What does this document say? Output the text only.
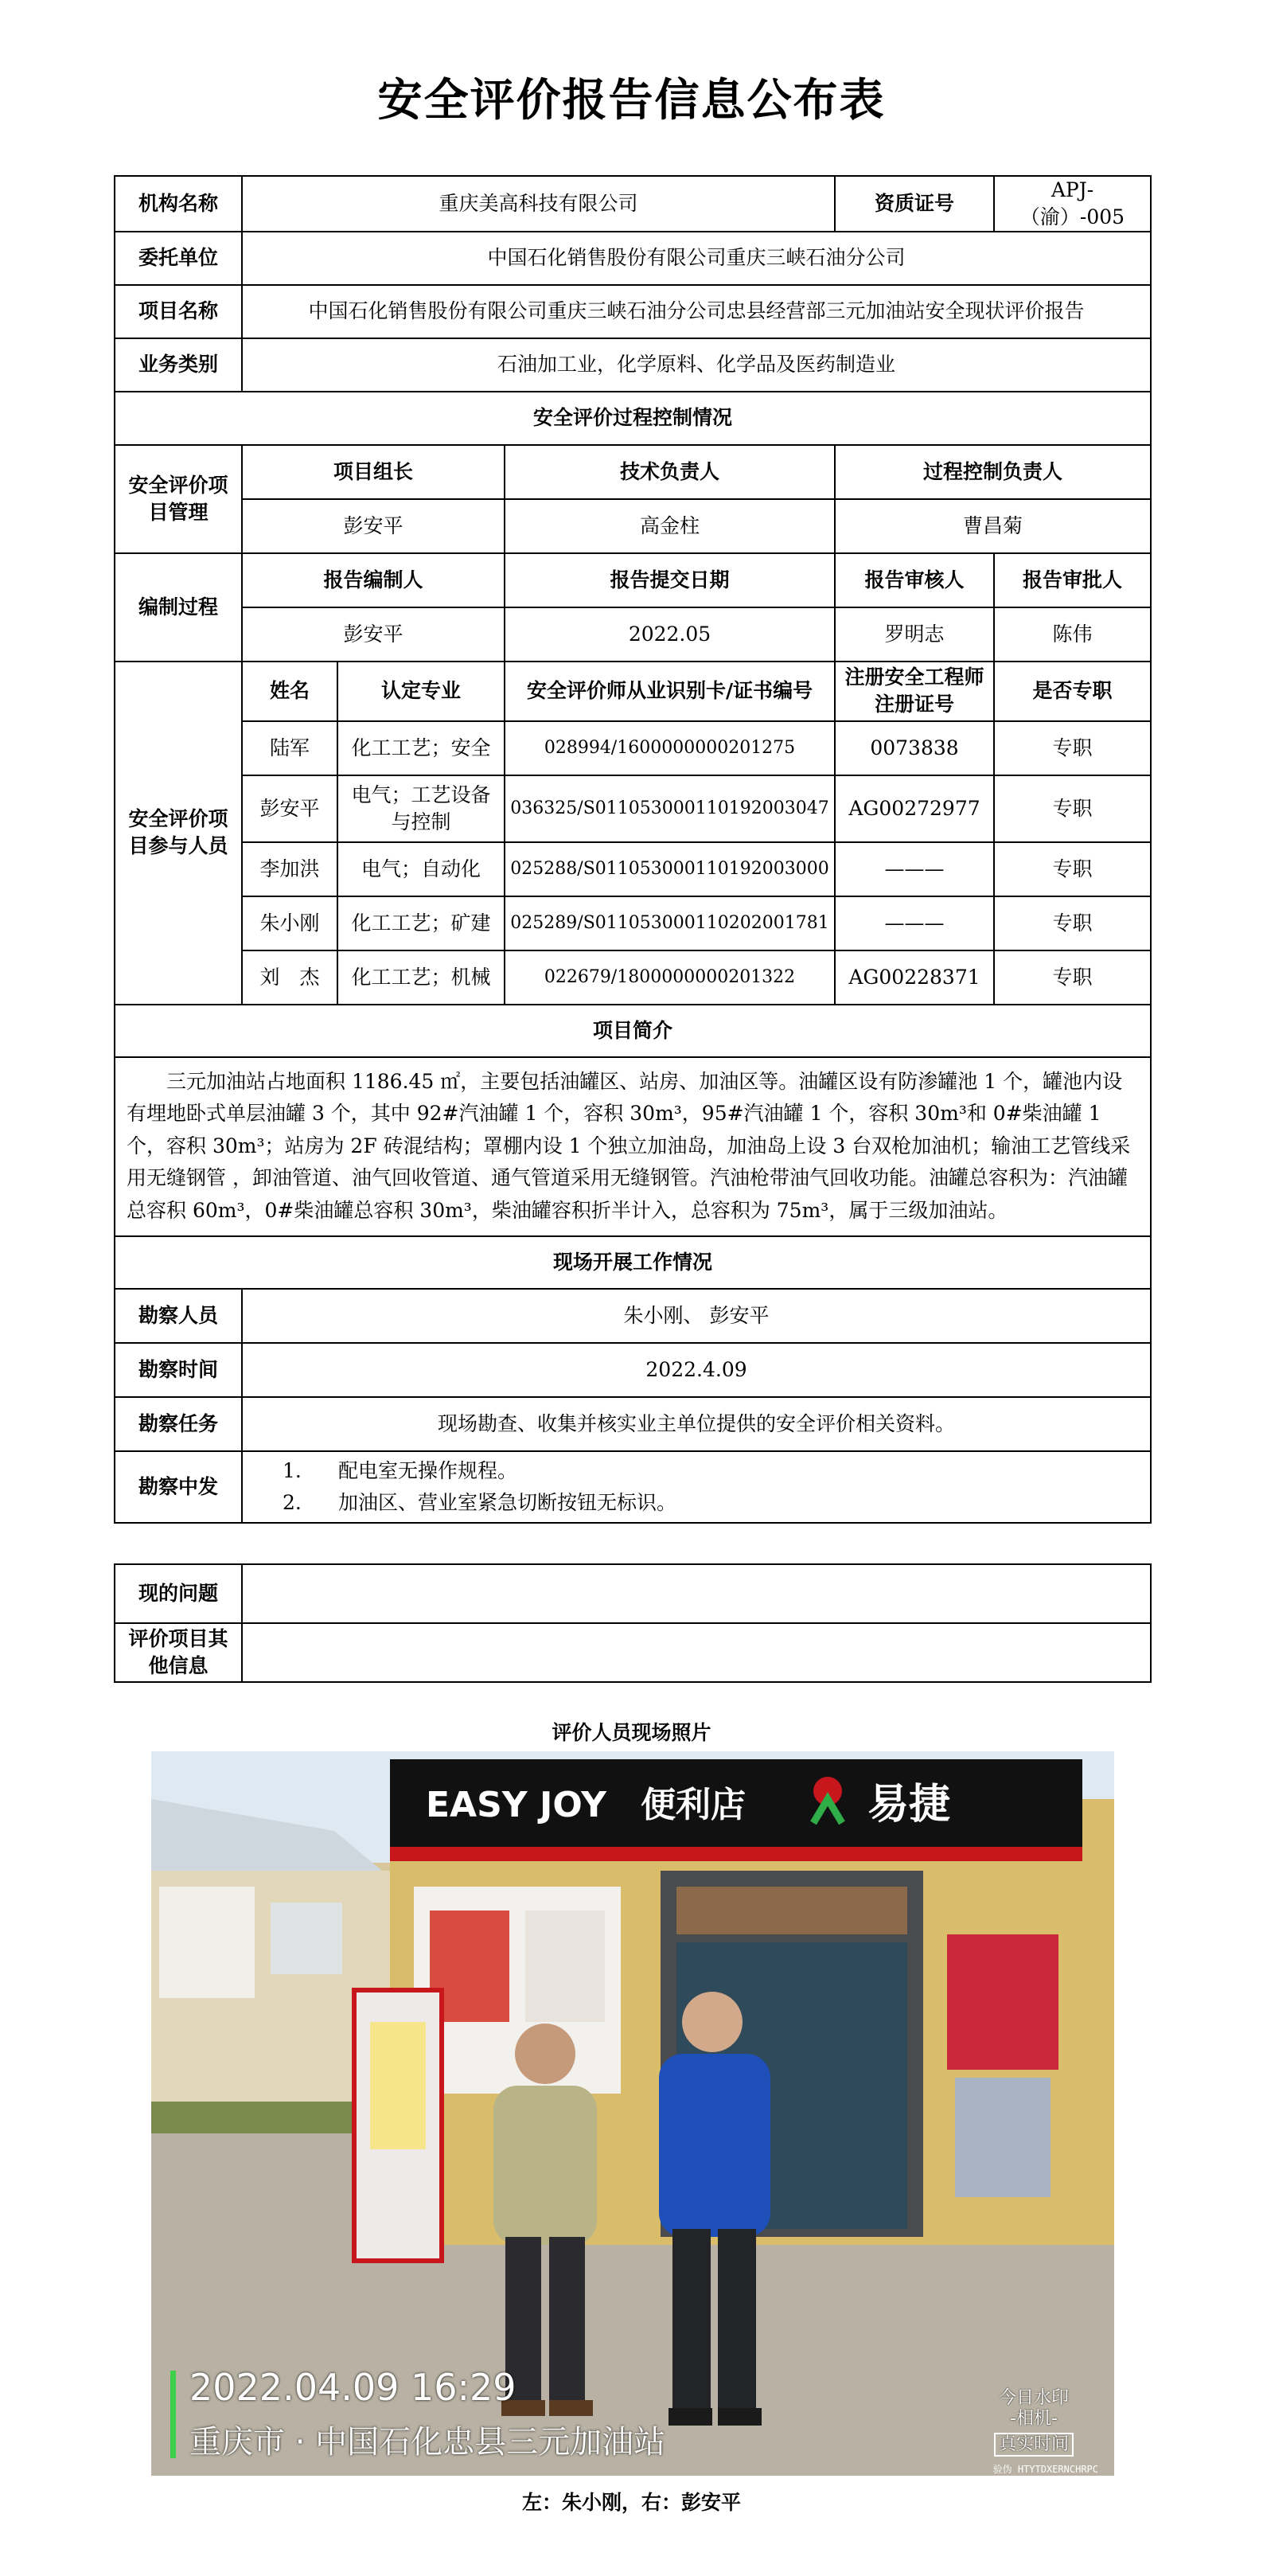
安全评价报告信息公布表
机构名称	重庆美高科技有限公司			资质证号	APJ-（渝）-005
委托单位	中国石化销售股份有限公司重庆三峡石油分公司				
项目名称	中国石化销售股份有限公司重庆三峡石油分公司忠县经营部三元加油站安全现状评价报告				
业务类别	石油加工业，化学原料、化学品及医药制造业				
安全评价过程控制情况					
安全评价项目管理	项目组长		技术负责人	过程控制负责人	
	彭安平		高金柱	曹昌菊	
编制过程	报告编制人		报告提交日期	报告审核人	报告审批人
	彭安平		2022.05	罗明志	陈伟
安全评价项目参与人员	姓名	认定专业	安全评价师从业识别卡/证书编号	注册安全工程师注册证号	是否专职
	陆军	化工工艺；安全	028994/1600000000201275	0073838	专职
	彭安平	电气；工艺设备与控制	036325/S011053000110192003047	AG00272977	专职
	李加洪	电气；自动化	025288/S011053000110192003000	———	专职
	朱小刚	化工工艺；矿建	025289/S011053000110202001781	———	专职
	刘　杰	化工工艺；机械	022679/1800000000201322	AG00228371	专职
项目简介					

三元加油站占地面积 1186.45 ㎡，主要包括油罐区、站房、加油区等。油罐区设有防渗罐池 1 个，罐池内设有埋地卧式单层油罐 3 个，其中 92#汽油罐 1 个，容积 30m³，95#汽油罐 1 个，容积 30m³和 0#柴油罐 1 个，容积 30m³；站房为 2F 砖混结构；罩棚内设 1 个独立加油岛，加油岛上设 3 台双枪加油机；输油工艺管线采用无缝钢管 ，卸油管道、油气回收管道、通气管道采用无缝钢管。汽油枪带油气回收功能。油罐总容积为：汽油罐总容积 60m³，0#柴油罐总容积 30m³，柴油罐容积折半计入，总容积为 75m³，属于三级加油站。					

现场开展工作情况					
勘察人员	朱小刚、 彭安平				
勘察时间	2022.4.09				
勘察任务	现场勘查、收集并核实业主单位提供的安全评价相关资料。				
勘察中发	1. 配电室无操作规程。
2. 加油区、营业室紧急切断按钮无标识。				
现的问题	
评价项目其他信息	
评价人员现场照片
EASY JOY 便利店	易捷
2022.04.09 16:29
重庆市 · 中国石化忠县三元加油站
今日水印
-相机-
真实时间
验伪 HTYTDXERNCHRPC
左：朱小刚，右：彭安平
